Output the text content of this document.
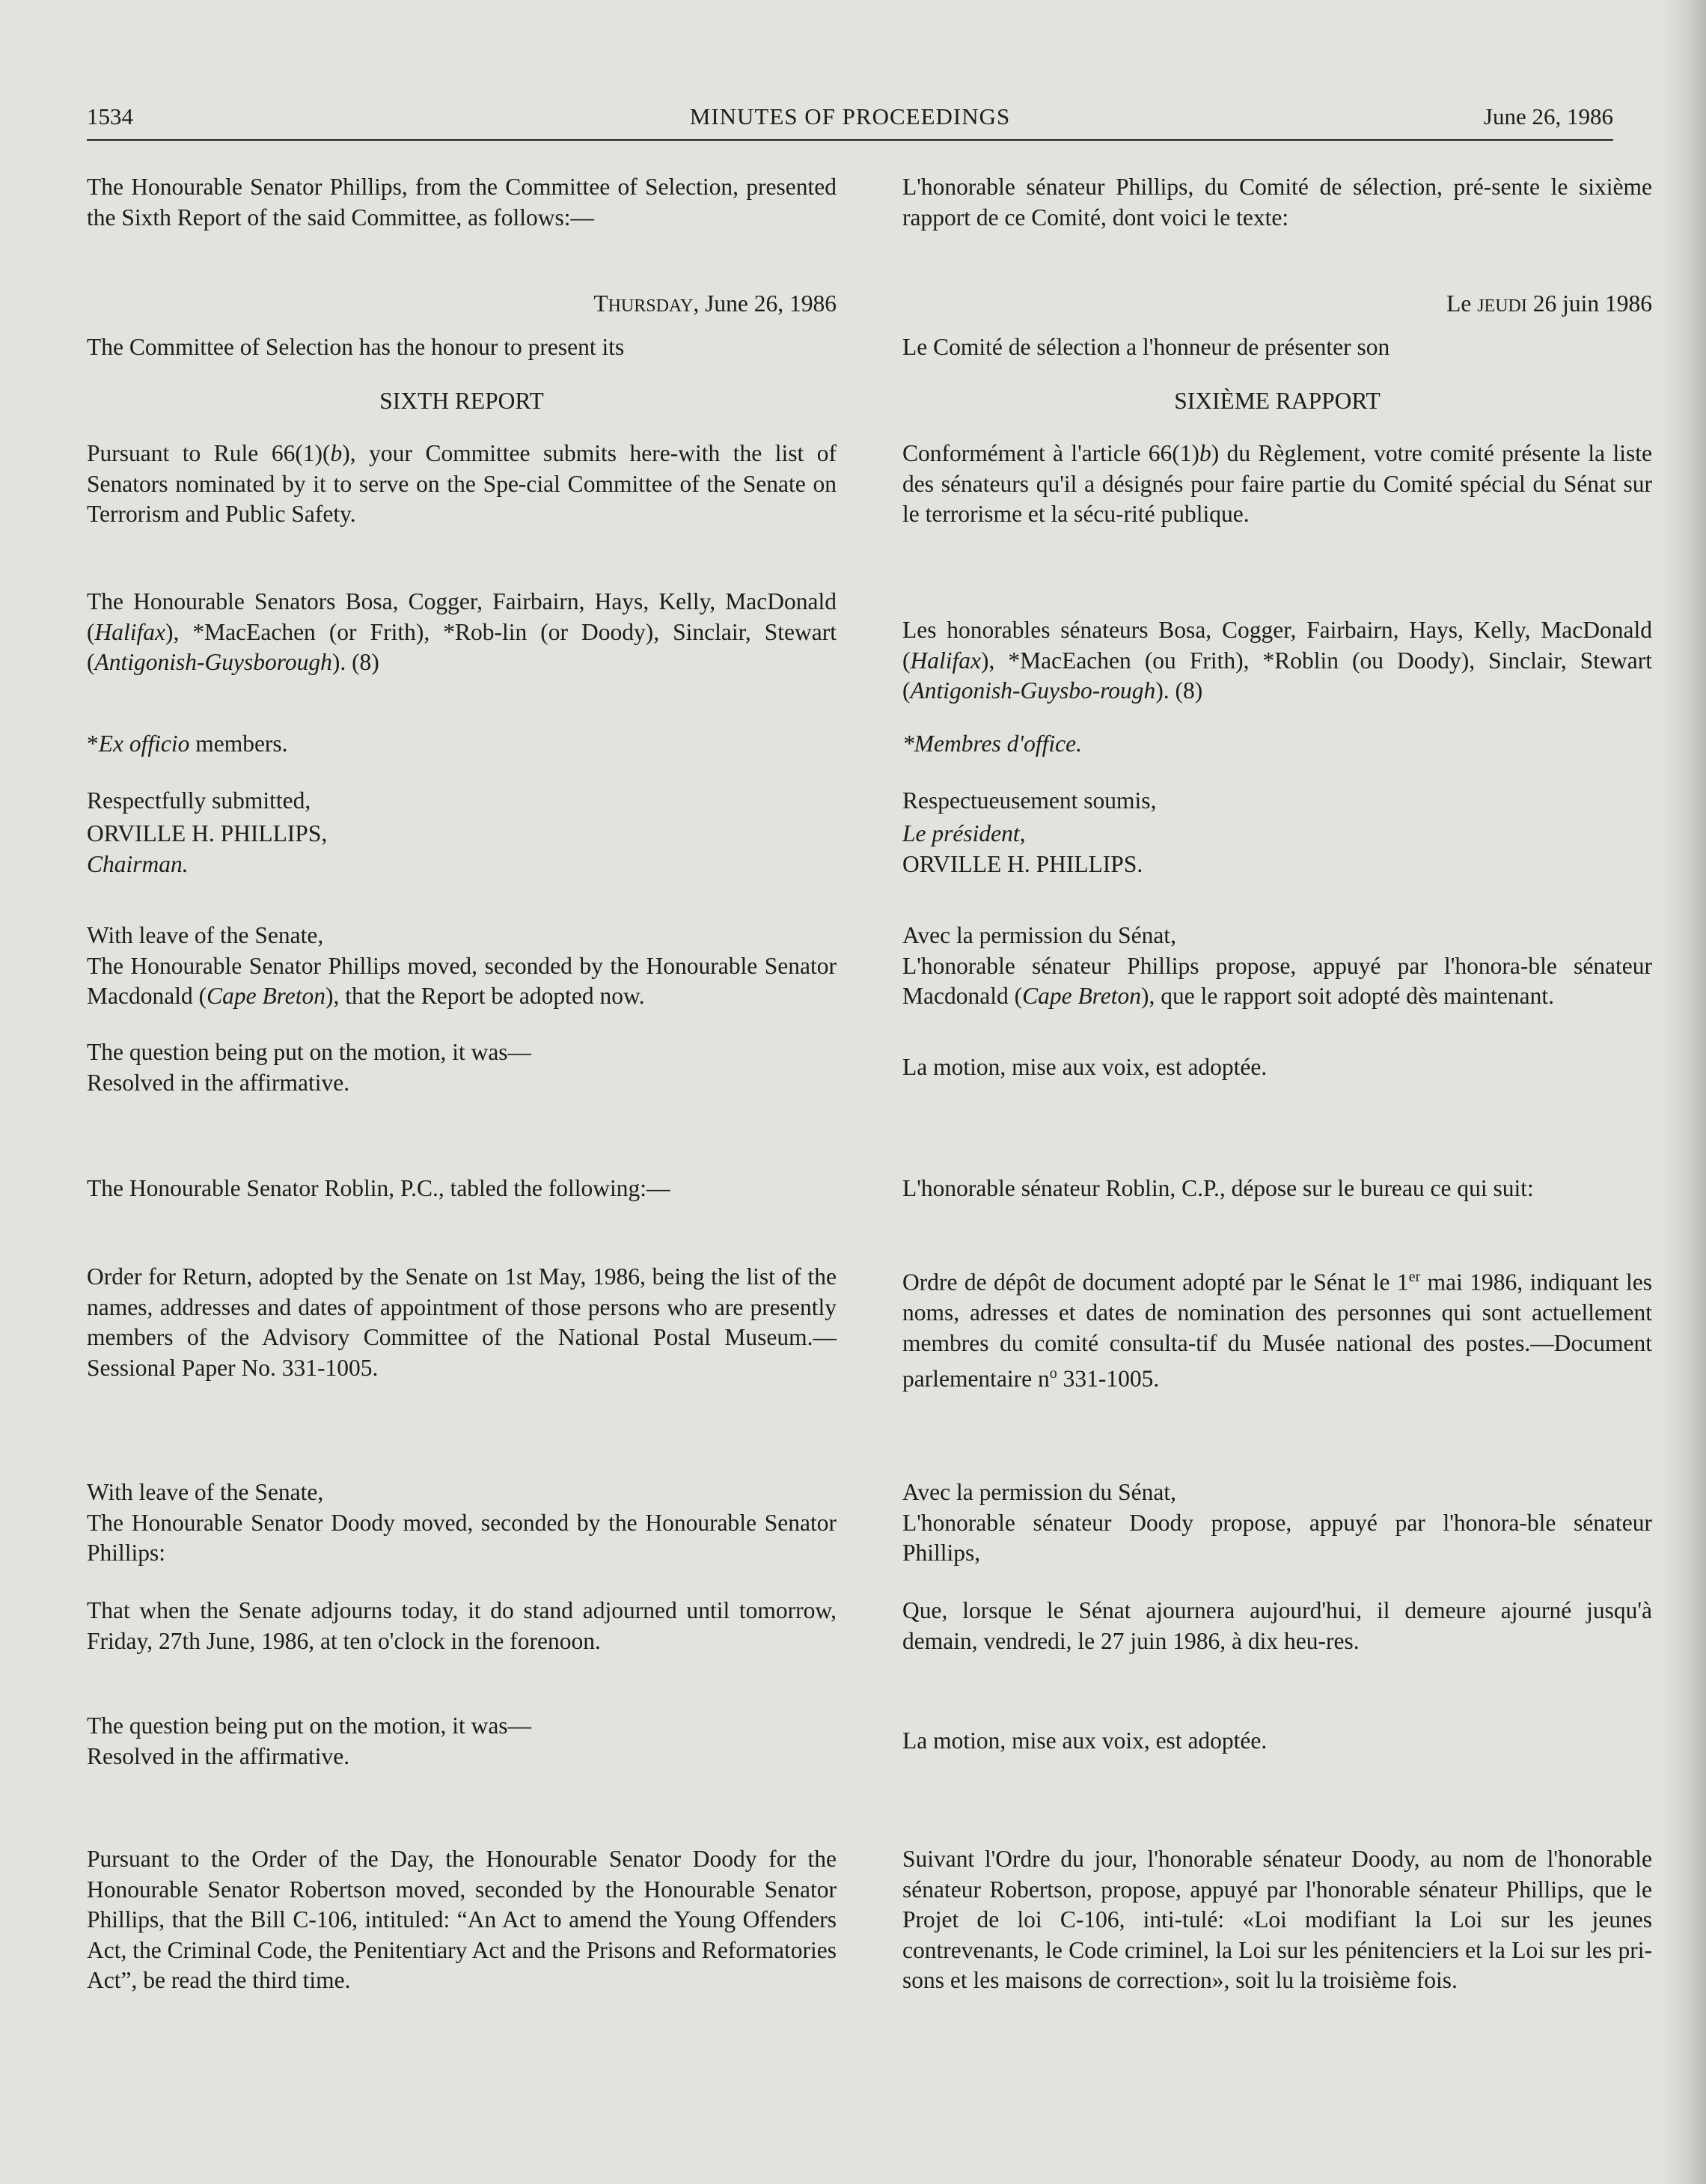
1534	MINUTES OF PROCEEDINGS	June 26, 1986

The Honourable Senator Phillips, from the Committee of Selection, presented the Sixth Report of the said Committee, as follows:—

THURSDAY, June 26, 1986

The Committee of Selection has the honour to present its

SIXTH REPORT

Pursuant to Rule 66(1)(b), your Committee submits here-with the list of Senators nominated by it to serve on the Spe-cial Committee of the Senate on Terrorism and Public Safety.

The Honourable Senators Bosa, Cogger, Fairbairn, Hays, Kelly, MacDonald (Halifax), *MacEachen (or Frith), *Rob-lin (or Doody), Sinclair, Stewart (Antigonish-Guysborough). (8)

*Ex officio members.

Respectfully submitted,

ORVILLE H. PHILLIPS,
Chairman.

With leave of the Senate,
The Honourable Senator Phillips moved, seconded by the Honourable Senator Macdonald (Cape Breton), that the Report be adopted now.

The question being put on the motion, it was—
Resolved in the affirmative.

The Honourable Senator Roblin, P.C., tabled the following:—

Order for Return, adopted by the Senate on 1st May, 1986, being the list of the names, addresses and dates of appointment of those persons who are presently members of the Advisory Committee of the National Postal Museum.—Sessional Paper No. 331-1005.

With leave of the Senate,
The Honourable Senator Doody moved, seconded by the Honourable Senator Phillips:

That when the Senate adjourns today, it do stand adjourned until tomorrow, Friday, 27th June, 1986, at ten o'clock in the forenoon.

The question being put on the motion, it was—
Resolved in the affirmative.

Pursuant to the Order of the Day, the Honourable Senator Doody for the Honourable Senator Robertson moved, seconded by the Honourable Senator Phillips, that the Bill C-106, intituled: “An Act to amend the Young Offenders Act, the Criminal Code, the Penitentiary Act and the Prisons and Reformatories Act”, be read the third time.

L'honorable sénateur Phillips, du Comité de sélection, pré-sente le sixième rapport de ce Comité, dont voici le texte:

Le JEUDI 26 juin 1986

Le Comité de sélection a l'honneur de présenter son

SIXIÈME RAPPORT

Conformément à l'article 66(1)b) du Règlement, votre comité présente la liste des sénateurs qu'il a désignés pour faire partie du Comité spécial du Sénat sur le terrorisme et la sécu-rité publique.

Les honorables sénateurs Bosa, Cogger, Fairbairn, Hays, Kelly, MacDonald (Halifax), *MacEachen (ou Frith), *Roblin (ou Doody), Sinclair, Stewart (Antigonish-Guysbo-rough). (8)

*Membres d'office.

Respectueusement soumis,

Le président,
ORVILLE H. PHILLIPS.

Avec la permission du Sénat,
L'honorable sénateur Phillips propose, appuyé par l'honora-ble sénateur Macdonald (Cape Breton), que le rapport soit adopté dès maintenant.

La motion, mise aux voix, est adoptée.

L'honorable sénateur Roblin, C.P., dépose sur le bureau ce qui suit:

Ordre de dépôt de document adopté par le Sénat le 1er mai 1986, indiquant les noms, adresses et dates de nomination des personnes qui sont actuellement membres du comité consulta-tif du Musée national des postes.—Document parlementaire $n^o$ 331-1005.

Avec la permission du Sénat,
L'honorable sénateur Doody propose, appuyé par l'honora-ble sénateur Phillips,

Que, lorsque le Sénat ajournera aujourd'hui, il demeure ajourné jusqu'à demain, vendredi, le 27 juin 1986, à dix heu-res.

La motion, mise aux voix, est adoptée.

Suivant l'Ordre du jour, l'honorable sénateur Doody, au nom de l'honorable sénateur Robertson, propose, appuyé par l'honorable sénateur Phillips, que le Projet de loi C-106, inti-tulé: «Loi modifiant la Loi sur les jeunes contrevenants, le Code criminel, la Loi sur les pénitenciers et la Loi sur les pri-sons et les maisons de correction», soit lu la troisième fois.
